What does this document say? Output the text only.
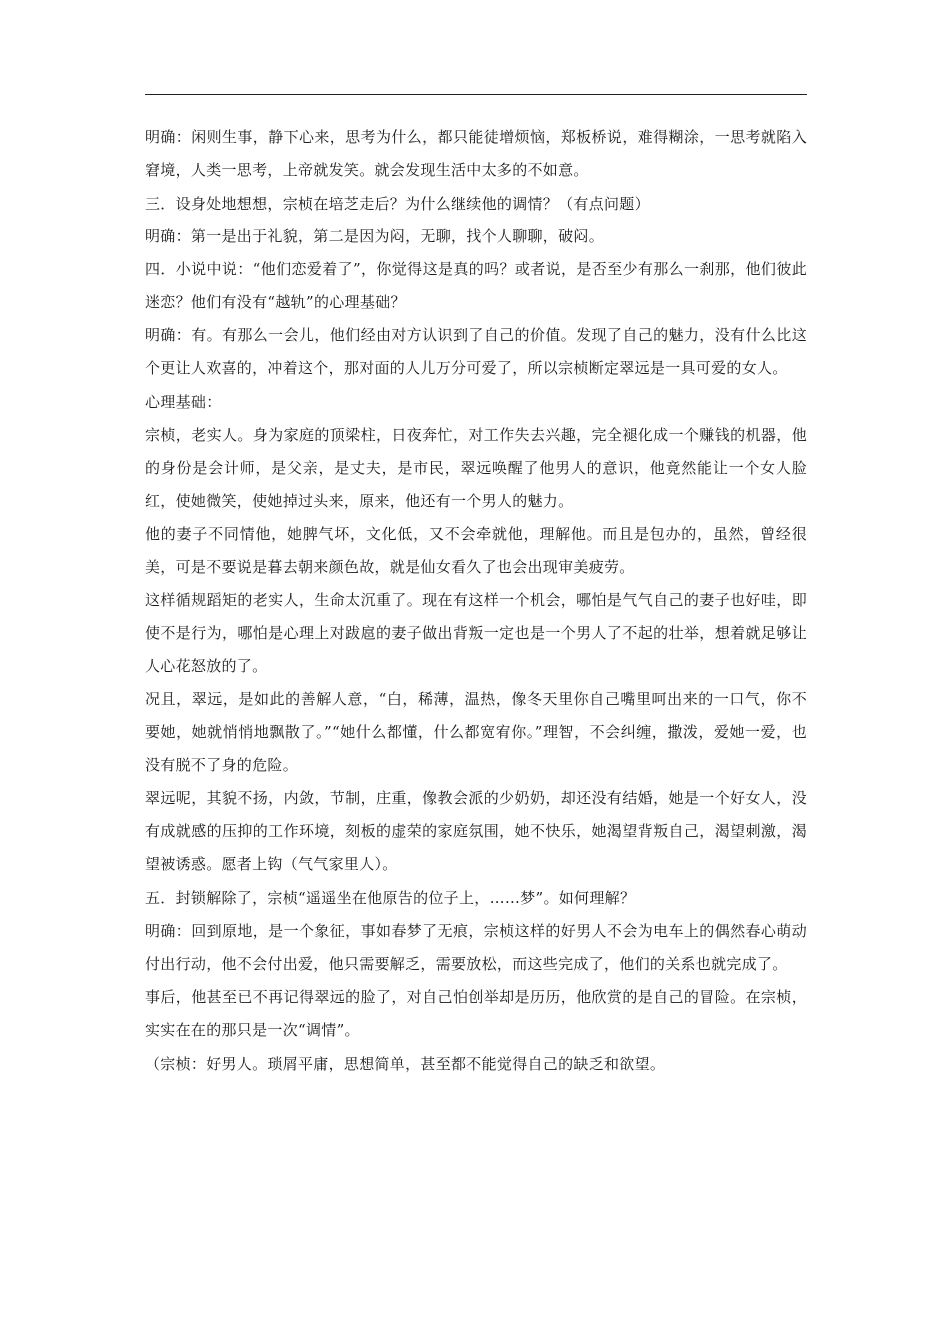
明确：闲则生事，静下心来，思考为什么，都只能徒增烦恼，郑板桥说，难得糊涂，一思考就陷入窘境，人类一思考，上帝就发笑。就会发现生活中太多的不如意。

三．设身处地想想，宗桢在培芝走后？为什么继续他的调情？（有点问题）

明确：第一是出于礼貌，第二是因为闷，无聊，找个人聊聊，破闷。

四．小说中说：“他们恋爱着了”，你觉得这是真的吗？或者说，是否至少有那么一刹那，他们彼此迷恋？他们有没有“越轨”的心理基础？

明确：有。有那么一会儿，他们经由对方认识到了自己的价值。发现了自己的魅力，没有什么比这个更让人欢喜的，冲着这个，那对面的人儿万分可爱了，所以宗桢断定翠远是一具可爱的女人。

心理基础：

宗桢，老实人。身为家庭的顶梁柱，日夜奔忙，对工作失去兴趣，完全褪化成一个赚钱的机器，他的身份是会计师，是父亲，是丈夫，是市民，翠远唤醒了他男人的意识，他竟然能让一个女人脸红，使她微笑，使她掉过头来，原来，他还有一个男人的魅力。

他的妻子不同情他，她脾气坏，文化低，又不会牵就他，理解他。而且是包办的，虽然，曾经很美，可是不要说是暮去朝来颜色故，就是仙女看久了也会出现审美疲劳。

这样循规蹈矩的老实人，生命太沉重了。现在有这样一个机会，哪怕是气气自己的妻子也好哇，即使不是行为，哪怕是心理上对跋扈的妻子做出背叛一定也是一个男人了不起的壮举，想着就足够让人心花怒放的了。

况且，翠远，是如此的善解人意，“白，稀薄，温热，像冬天里你自己嘴里呵出来的一口气，你不要她，她就悄悄地飘散了。”“她什么都懂，什么都宽宥你。”理智，不会纠缠，撒泼，爱她一爱，也没有脱不了身的危险。

翠远呢，其貌不扬，内敛，节制，庄重，像教会派的少奶奶，却还没有结婚，她是一个好女人，没有成就感的压抑的工作环境，刻板的虚荣的家庭氛围，她不快乐，她渴望背叛自己，渴望刺激，渴望被诱惑。愿者上钩（气气家里人）。

五．封锁解除了，宗桢“遥遥坐在他原告的位子上，……梦”。如何理解？

明确：回到原地，是一个象征，事如春梦了无痕，宗桢这样的好男人不会为电车上的偶然春心萌动付出行动，他不会付出爱，他只需要解乏，需要放松，而这些完成了，他们的关系也就完成了。

事后，他甚至已不再记得翠远的脸了，对自己怕创举却是历历，他欣赏的是自己的冒险。在宗桢，实实在在的那只是一次“调情”。

（宗桢：好男人。琐屑平庸，思想简单，甚至都不能觉得自己的缺乏和欲望。
